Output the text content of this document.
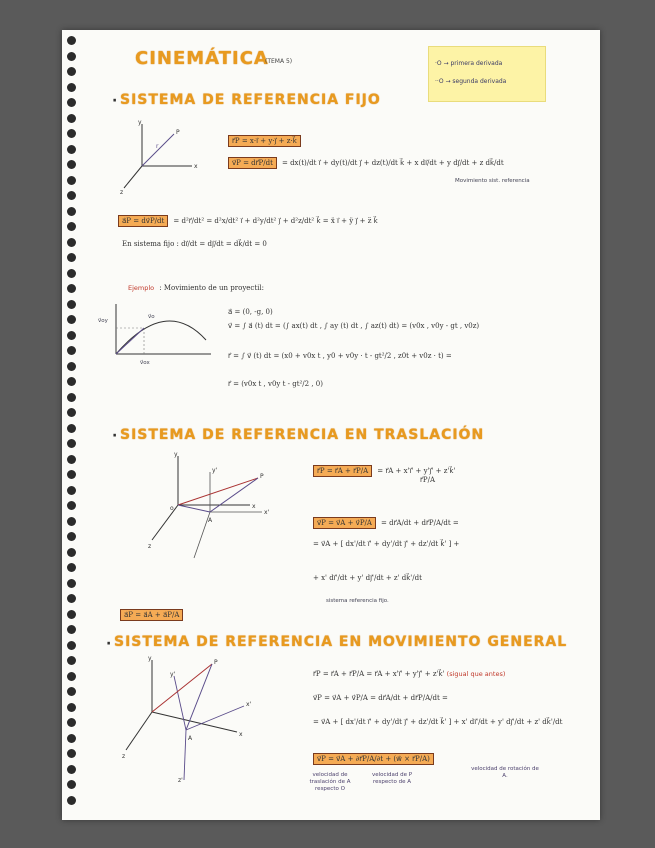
CINEMÁTICA
(TEMA 5)	·O → primera derivada
··O → segunda derivada
· SISTEMA DE REFERENCIA FIJO
y
x
z
P
r
r⃗P = x·i⃗ + y·j⃗ + z·k⃗
v⃗P = dr⃗P/dt = dx(t)/dt i⃗ + dy(t)/dt j⃗ + dz(t)/dt k⃗ + x di⃗/dt + y dj⃗/dt + z dk⃗/dt
Movimiento sist. referencia
a⃗P = dv⃗P/dt = d²r⃗/dt² = d²x/dt² i⃗ + d²y/dt² j⃗ + d²z/dt² k⃗ = ẍ i⃗ + ÿ j⃗ + z̈ k⃗
En sistema fijo : di⃗/dt = dj⃗/dt = dk⃗/dt = 0
Ejemplo : Movimiento de un proyectil:
v⃗oy
v⃗o
v⃗ox
a⃗ = (0, -g, 0)
v⃗ = ∫ a⃗ (t) dt = (∫ ax(t) dt , ∫ ay (t) dt , ∫ az(t) dt) = (v0x , v0y - gt , v0z)
r⃗ = ∫ v⃗ (t) dt = (x0 + v0x t , y0 + v0y · t - gt²/2 , z0t + v0z · t) =
r⃗ = (v0x t , v0y t - gt²/2 , 0)
· SISTEMA DE REFERENCIA EN TRASLACIÓN
y
x
z
y'
x'
P
A
o
r⃗P = r⃗A + r⃗P/A = r⃗A + x'i⃗' + y'j⃗' + z'k⃗'
r⃗P/A
v⃗P = v⃗A + v⃗P/A = dr⃗A/dt + dr⃗P/A/dt =
= v⃗A + [ dx'/dt i⃗' + dy'/dt j⃗' + dz'/dt k⃗' ] +
+ x' di⃗'/dt + y' dj⃗'/dt + z' dk⃗'/dt
sistema referencia fijo.
a⃗P = a⃗A + a⃗P/A
· SISTEMA DE REFERENCIA EN MOVIMIENTO GENERAL
y
x
z
P
A
x'
y'
z'
r⃗P = r⃗A + r⃗P/A = r⃗A + x'i⃗' + y'j⃗' + z'k⃗' (sigual que antes)
v⃗P = v⃗A + v⃗P/A = dr⃗A/dt + dr⃗P/A/dt =
= v⃗A + [ dx'/dt i⃗' + dy'/dt j⃗' + dz'/dt k⃗' ] + x' di⃗'/dt + y' dj⃗'/dt + z' dk⃗'/dt
v⃗P = v⃗A + ∂r⃗P/A/∂t + (w⃗ × r⃗P/A)
velocidad de traslación de A respecto O
velocidad de P respecto de A
velocidad de rotación de A.
